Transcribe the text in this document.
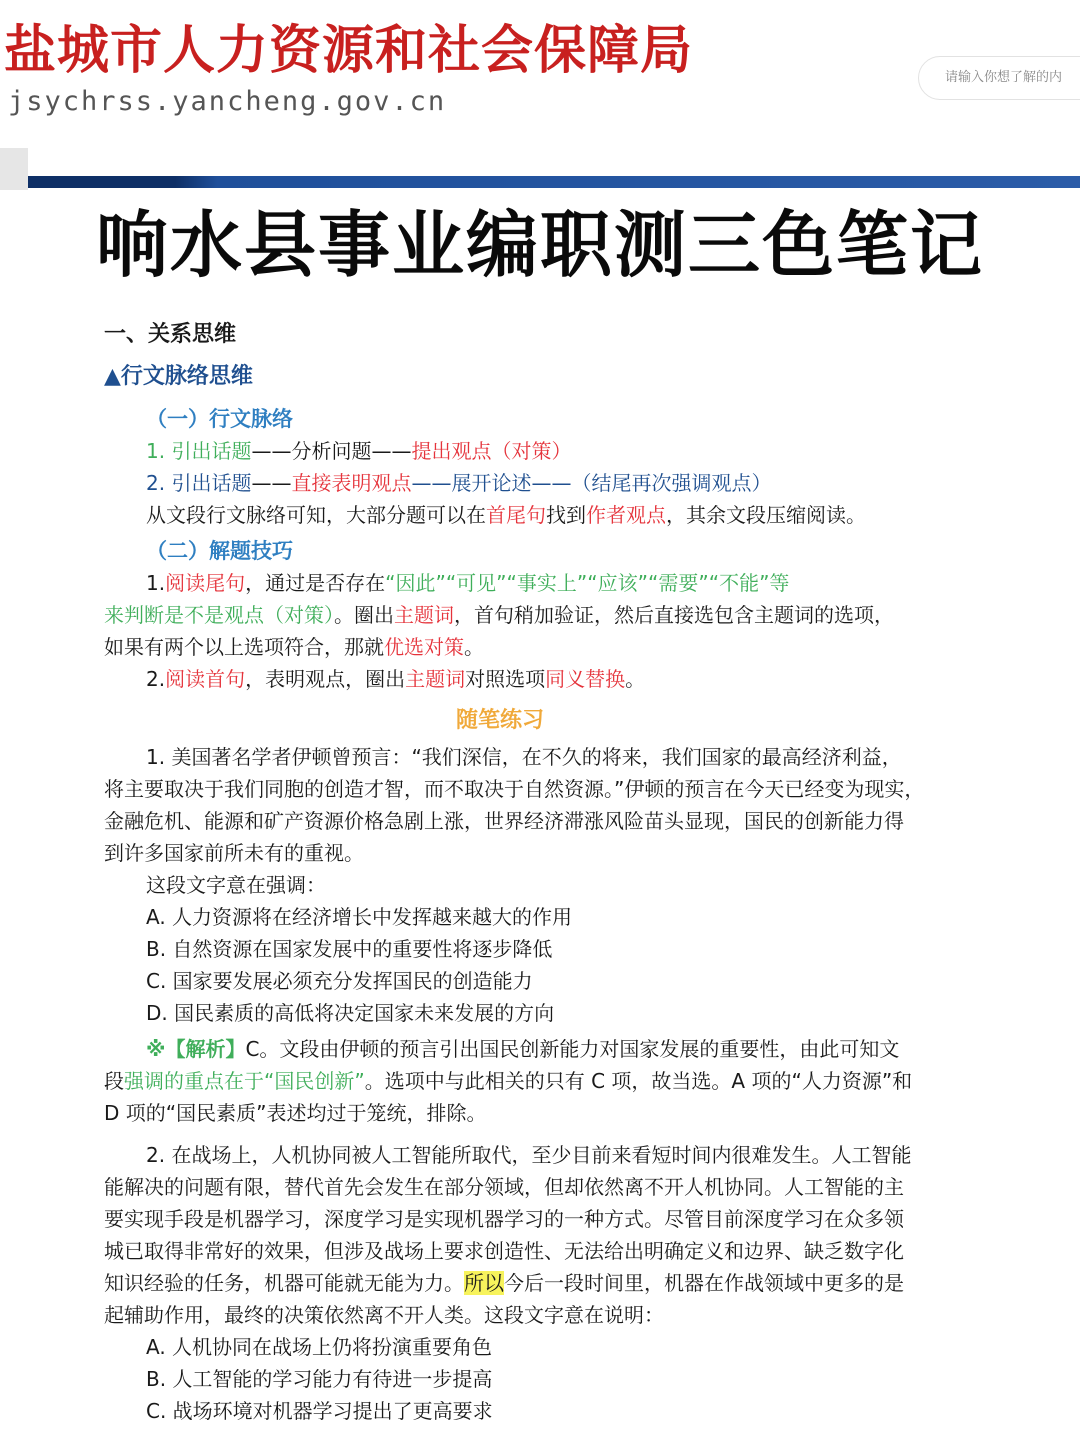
盐城市人力资源和社会保障局
jsychrss.yancheng.gov.cn
请输入你想了解的内
响水县事业编职测三色笔记
一、关系思维
▲行文脉络思维
（一）行文脉络
1. 引出话题——分析问题——提出观点（对策）
2. 引出话题——直接表明观点——展开论述——（结尾再次强调观点）
从文段行文脉络可知，大部分题可以在首尾句找到作者观点，其余文段压缩阅读。
（二）解题技巧
1.阅读尾句，通过是否存在“因此”“可见”“事实上”“应该”“需要”“不能”等
来判断是不是观点（对策）。圈出主题词，首句稍加验证，然后直接选包含主题词的选项，
如果有两个以上选项符合，那就优选对策。
2.阅读首句，表明观点，圈出主题词对照选项同义替换。
随笔练习
1. 美国著名学者伊顿曾预言：“我们深信，在不久的将来，我们国家的最高经济利益，
将主要取决于我们同胞的创造才智，而不取决于自然资源。”伊顿的预言在今天已经变为现实，
金融危机、能源和矿产资源价格急剧上涨，世界经济滞涨风险苗头显现，国民的创新能力得
到许多国家前所未有的重视。
这段文字意在强调：
A. 人力资源将在经济增长中发挥越来越大的作用
B. 自然资源在国家发展中的重要性将逐步降低
C. 国家要发展必须充分发挥国民的创造能力
D. 国民素质的高低将决定国家未来发展的方向
※【解析】C。文段由伊顿的预言引出国民创新能力对国家发展的重要性，由此可知文
段强调的重点在于“国民创新”。选项中与此相关的只有 C 项，故当选。A 项的“人力资源”和
D 项的“国民素质”表述均过于笼统，排除。
2. 在战场上，人机协同被人工智能所取代，至少目前来看短时间内很难发生。人工智能
能解决的问题有限，替代首先会发生在部分领域，但却依然离不开人机协同。人工智能的主
要实现手段是机器学习，深度学习是实现机器学习的一种方式。尽管目前深度学习在众多领
城已取得非常好的效果，但涉及战场上要求创造性、无法给出明确定义和边界、缺乏数字化
知识经验的任务，机器可能就无能为力。所以今后一段时间里，机器在作战领域中更多的是
起辅助作用，最终的决策依然离不开人类。这段文字意在说明：
A. 人机协同在战场上仍将扮演重要角色
B. 人工智能的学习能力有待进一步提高
C. 战场环境对机器学习提出了更高要求
